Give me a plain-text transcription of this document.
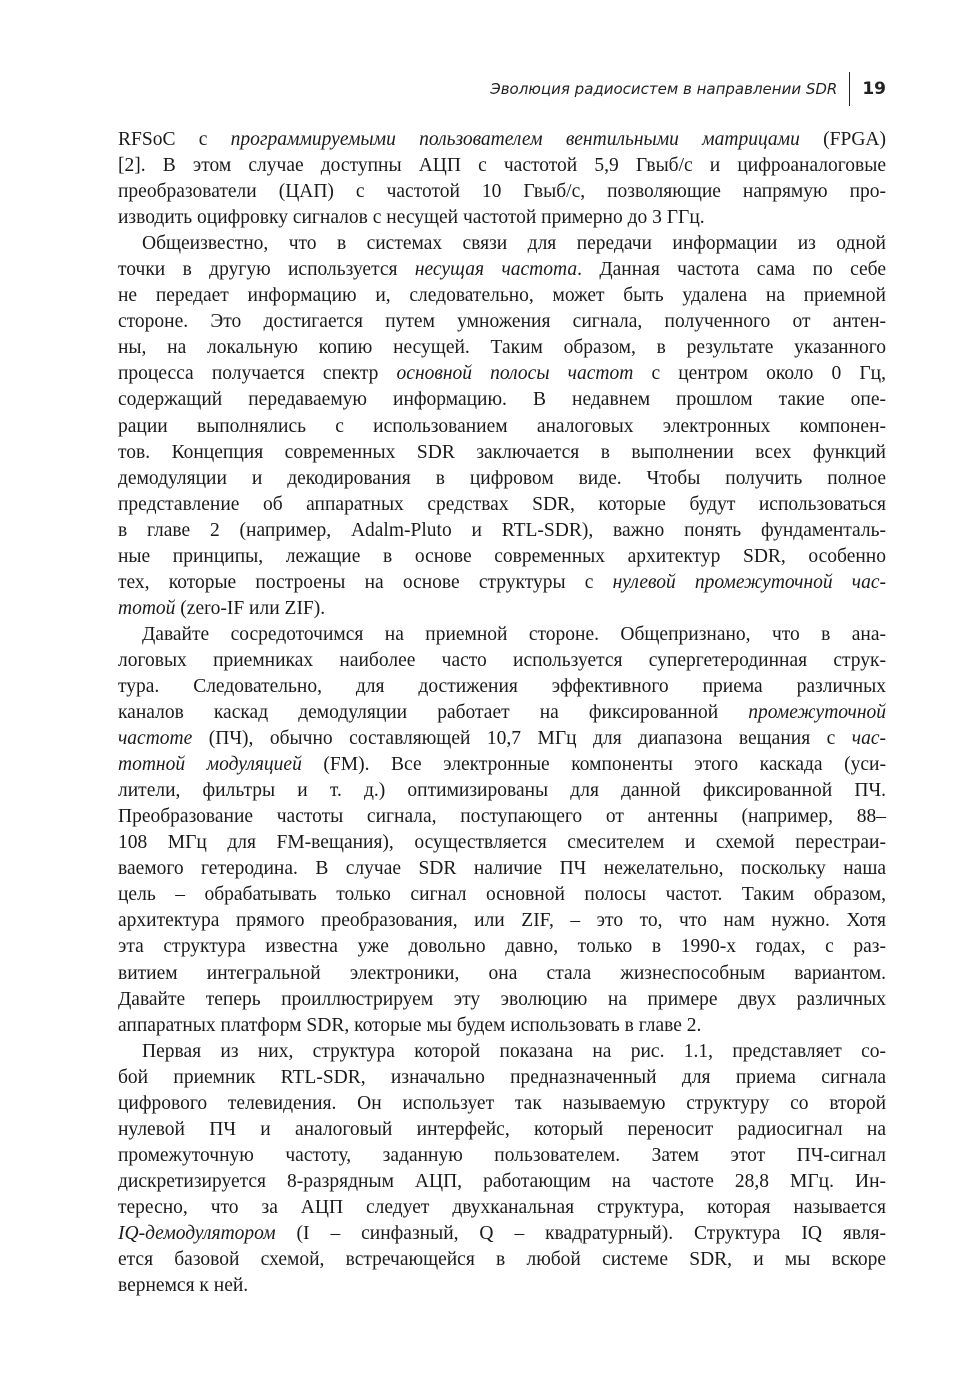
Эволюция радиосистем в направлении SDR 19
RFSoC с программируемыми пользователем вентильными матрицами (FPGA)
[2]. В этом случае доступны АЦП с частотой 5,9 Гвыб/с и цифроаналоговые
преобразователи (ЦАП) с частотой 10 Гвыб/с, позволяющие напрямую про-
изводить оцифровку сигналов с несущей частотой примерно до 3 ГГц.
Общеизвестно, что в системах связи для передачи информации из одной
точки в другую используется несущая частота. Данная частота сама по себе
не передает информацию и, следовательно, может быть удалена на приемной
стороне. Это достигается путем умножения сигнала, полученного от антен-
ны, на локальную копию несущей. Таким образом, в результате указанного
процесса получается спектр основной полосы частот с центром около 0 Гц,
содержащий передаваемую информацию. В недавнем прошлом такие опе-
рации выполнялись с использованием аналоговых электронных компонен-
тов. Концепция современных SDR заключается в выполнении всех функций
демодуляции и декодирования в цифровом виде. Чтобы получить полное
представление об аппаратных средствах SDR, которые будут использоваться
в главе 2 (например, Adalm-Pluto и RTL-SDR), важно понять фундаменталь-
ные принципы, лежащие в основе современных архитектур SDR, особенно
тех, которые построены на основе структуры с нулевой промежуточной час-
тотой (zero-IF или ZIF).
Давайте сосредоточимся на приемной стороне. Общепризнано, что в ана-
логовых приемниках наиболее часто используется супергетеродинная струк-
тура. Следовательно, для достижения эффективного приема различных
каналов каскад демодуляции работает на фиксированной промежуточной
частоте (ПЧ), обычно составляющей 10,7 МГц для диапазона вещания с час-
тотной модуляцией (FM). Все электронные компоненты этого каскада (уси-
лители, фильтры и т. д.) оптимизированы для данной фиксированной ПЧ.
Преобразование частоты сигнала, поступающего от антенны (например, 88–
108 МГц для FM-вещания), осуществляется смесителем и схемой перестраи-
ваемого гетеродина. В случае SDR наличие ПЧ нежелательно, поскольку наша
цель – обрабатывать только сигнал основной полосы частот. Таким образом,
архитектура прямого преобразования, или ZIF, – это то, что нам нужно. Хотя
эта структура известна уже довольно давно, только в 1990-х годах, с раз-
витием интегральной электроники, она стала жизнеспособным вариантом.
Давайте теперь проиллюстрируем эту эволюцию на примере двух различных
аппаратных платформ SDR, которые мы будем использовать в главе 2.
Первая из них, структура которой показана на рис. 1.1, представляет со-
бой приемник RTL-SDR, изначально предназначенный для приема сигнала
цифрового телевидения. Он использует так называемую структуру со второй
нулевой ПЧ и аналоговый интерфейс, который переносит радиосигнал на
промежуточную частоту, заданную пользователем. Затем этот ПЧ-сигнал
дискретизируется 8-разрядным АЦП, работающим на частоте 28,8 МГц. Ин-
тересно, что за АЦП следует двухканальная структура, которая называется
IQ-демодулятором (I – синфазный, Q – квадратурный). Структура IQ явля-
ется базовой схемой, встречающейся в любой системе SDR, и мы вскоре
вернемся к ней.
